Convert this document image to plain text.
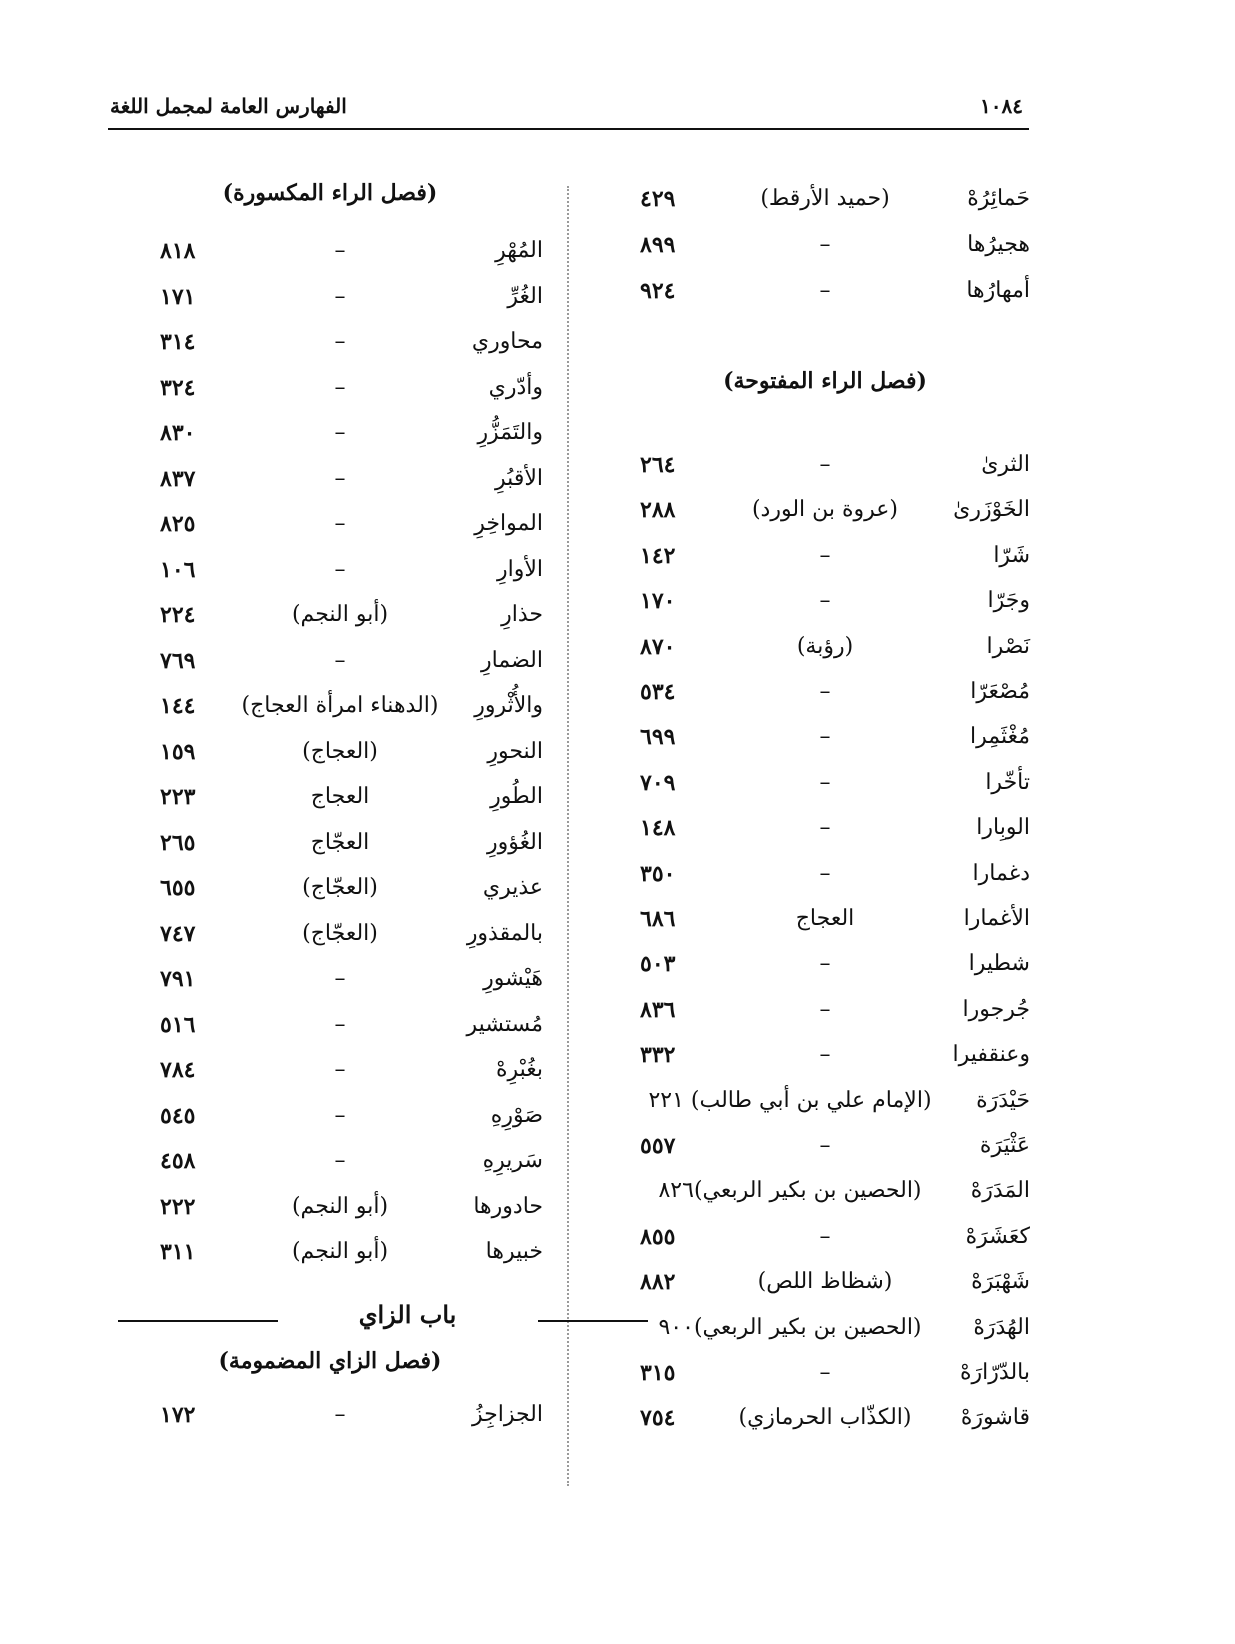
١٠٨٤
الفهارس العامة لمجمل اللغة
حَمائِرُهْ
(حميد الأرقط)
٤٢٩
هجيرُها
–
٨٩٩
أمهارُها
–
٩٢٤
(فصل الراء المفتوحة)
الثرىٰ
–
٢٦٤
الخَوْزَرىٰ
(عروة بن الورد)
٢٨٨
شَرّا
–
١٤٢
وجَرّا
–
١٧٠
نَصْرا
(رؤبة)
٨٧٠
مُصْعَرّا
–
٥٣٤
مُغْثَمِرا
–
٦٩٩
تأخّرا
–
٧٠٩
الوبِارا
–
١٤٨
دغمارا
–
٣٥٠
الأغمارا
العجاج
٦٨٦
شطيرا
–
٥٠٣
جُرجورا
–
٨٣٦
وعنقفيرا
–
٣٣٢
حَيْدَرَة
(الإمام علي بن أبي طالب) ٢٢١
عَثْيَرَة
–
٥٥٧
المَدَرَهْ
(الحصين بن بكير الربعي)٨٢٦
كعَشَرَهْ
–
٨٥٥
شَهْبَرَهْ
(شظاظ اللص)
٨٨٢
الهُدَرَهْ
(الحصين بن بكير الربعي)٩٠٠
بالدّرّارَهْ
–
٣١٥
قاشورَهْ
(الكذّاب الحرمازي)
٧٥٤
(فصل الراء المكسورة)
المُهْرِ
–
٨١٨
الغُرِّ
–
١٧١
محاوري
–
٣١٤
وأدّري
–
٣٢٤
والتَمَزُّرِ
–
٨٣٠
الأقبُرِ
–
٨٣٧
المواخِرِ
–
٨٢٥
الأوارِ
–
١٠٦
حذارِ
(أبو النجم)
٢٢٤
الضمارِ
–
٧٦٩
والأُثْرورِ
(الدهناء امرأة العجاج)
١٤٤
النحورِ
(العجاج)
١٥٩
الطُورِ
العجاج
٢٢٣
الغُؤورِ
العجّاج
٢٦٥
عذيري
(العجّاج)
٦٥٥
بالمقذورِ
(العجّاج)
٧٤٧
هَيْشورِ
–
٧٩١
مُستشير
–
٥١٦
بغُبْرِهْ
–
٧٨٤
صَوْرِهِ
–
٥٤٥
سَريرِهِ
–
٤٥٨
حادورها
(أبو النجم)
٢٢٢
خبيرها
(أبو النجم)
٣١١
باب الزاي
(فصل الزاي المضمومة)
الجزاجِزُ
–
١٧٢
